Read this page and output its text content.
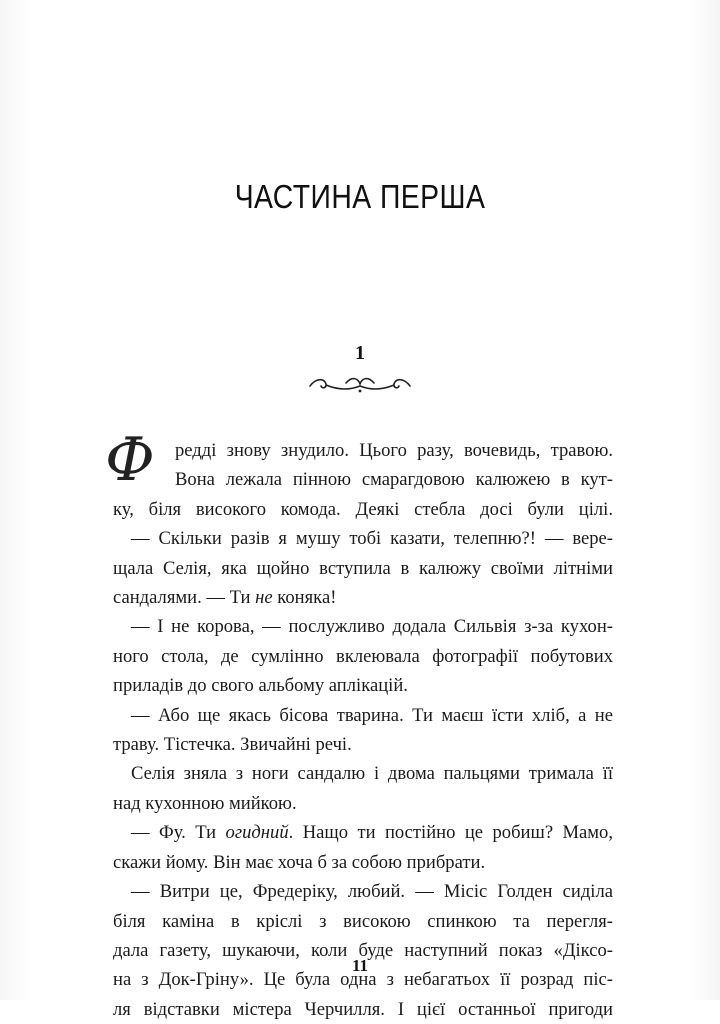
ЧАСТИНА ПЕРША
1

Ф редді знову знудило. Цього разу, вочевидь, травою.

Вона лежала пінною смарагдовою калюжею в кут-

ку, біля високого комода. Деякі стебла досі були цілі.

— Скільки разів я мушу тобі казати, телепню?! — вере-

щала Селія, яка щойно вступила в калюжу своїми літніми

сандалями. — Ти не коняка!

— І не корова, — послужливо додала Сильвія з-за кухон-

ного стола, де сумлінно вклеювала фотографії побутових

приладів до свого альбому аплікацій.

— Або ще якась бісова тварина. Ти маєш їсти хліб, а не

траву. Тістечка. Звичайні речі.

Селія зняла з ноги сандалю і двома пальцями тримала її

над кухонною мийкою.

— Фу. Ти огидний. Нащо ти постійно це робиш? Мамо,

скажи йому. Він має хоча б за собою прибрати.

— Витри це, Фредеріку, любий. — Місіс Голден сиділа

біля каміна в кріслі з високою спинкою та перегля-

дала газету, шукаючи, коли буде наступний показ «Діксо-

на з Док-Гріну». Це була одна з небагатьох її розрад піс-

ля відставки містера Черчилля. І цієї останньої пригоди

11
